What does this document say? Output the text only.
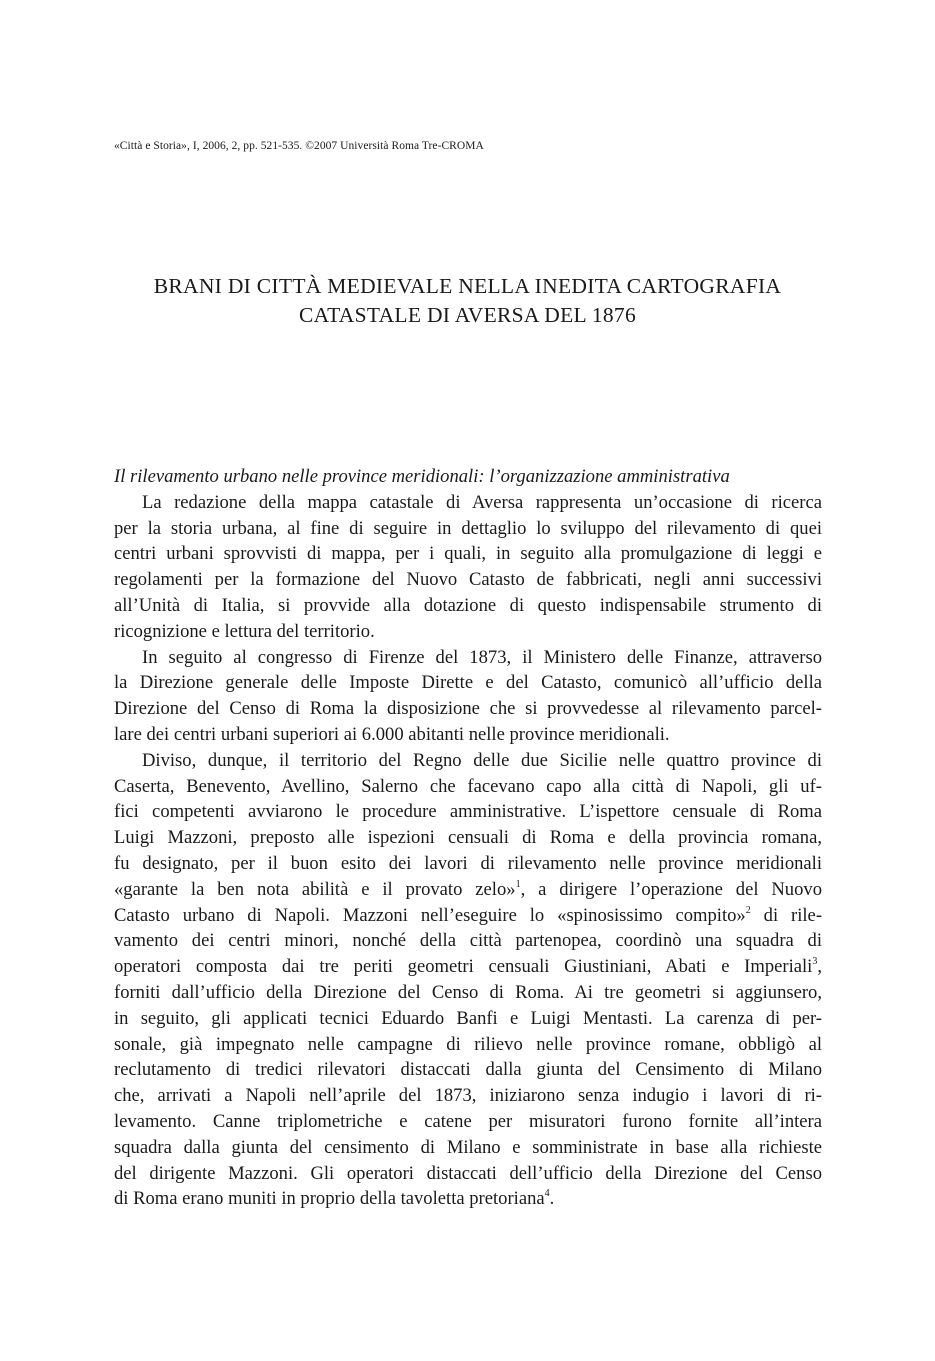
«Città e Storia», I, 2006, 2, pp. 521-535. ©2007 Università Roma Tre-CROMA
BRANI DI CITTÀ MEDIEVALE NELLA INEDITA CARTOGRAFIA
CATASTALE DI AVERSA DEL 1876

Il rilevamento urbano nelle province meridionali: l’organizzazione amministrativa

La redazione della mappa catastale di Aversa rappresenta un’occasione di ricerca
per la storia urbana, al fine di seguire in dettaglio lo sviluppo del rilevamento di quei
centri urbani sprovvisti di mappa, per i quali, in seguito alla promulgazione di leggi e
regolamenti per la formazione del Nuovo Catasto de fabbricati, negli anni successivi
all’Unità di Italia, si provvide alla dotazione di questo indispensabile strumento di
ricognizione e lettura del territorio.
In seguito al congresso di Firenze del 1873, il Ministero delle Finanze, attraverso
la Direzione generale delle Imposte Dirette e del Catasto, comunicò all’ufficio della
Direzione del Censo di Roma la disposizione che si provvedesse al rilevamento parcel-
lare dei centri urbani superiori ai 6.000 abitanti nelle province meridionali.
Diviso, dunque, il territorio del Regno delle due Sicilie nelle quattro province di
Caserta, Benevento, Avellino, Salerno che facevano capo alla città di Napoli, gli uf-
fici competenti avviarono le procedure amministrative. L’ispettore censuale di Roma
Luigi Mazzoni, preposto alle ispezioni censuali di Roma e della provincia romana,
fu designato, per il buon esito dei lavori di rilevamento nelle province meridionali
«garante la ben nota abilità e il provato zelo»$^1$, a dirigere l’operazione del Nuovo
Catasto urbano di Napoli. Mazzoni nell’eseguire lo «spinosissimo compito»$^2$ di rile-
vamento dei centri minori, nonché della città partenopea, coordinò una squadra di
operatori composta dai tre periti geometri censuali Giustiniani, Abati e Imperiali$^3$,
forniti dall’ufficio della Direzione del Censo di Roma. Ai tre geometri si aggiunsero,
in seguito, gli applicati tecnici Eduardo Banfi e Luigi Mentasti. La carenza di per-
sonale, già impegnato nelle campagne di rilievo nelle province romane, obbligò al
reclutamento di tredici rilevatori distaccati dalla giunta del Censimento di Milano
che, arrivati a Napoli nell’aprile del 1873, iniziarono senza indugio i lavori di ri-
levamento. Canne triplometriche e catene per misuratori furono fornite all’intera
squadra dalla giunta del censimento di Milano e somministrate in base alla richieste
del dirigente Mazzoni. Gli operatori distaccati dell’ufficio della Direzione del Censo
di Roma erano muniti in proprio della tavoletta pretoriana$^4$.
